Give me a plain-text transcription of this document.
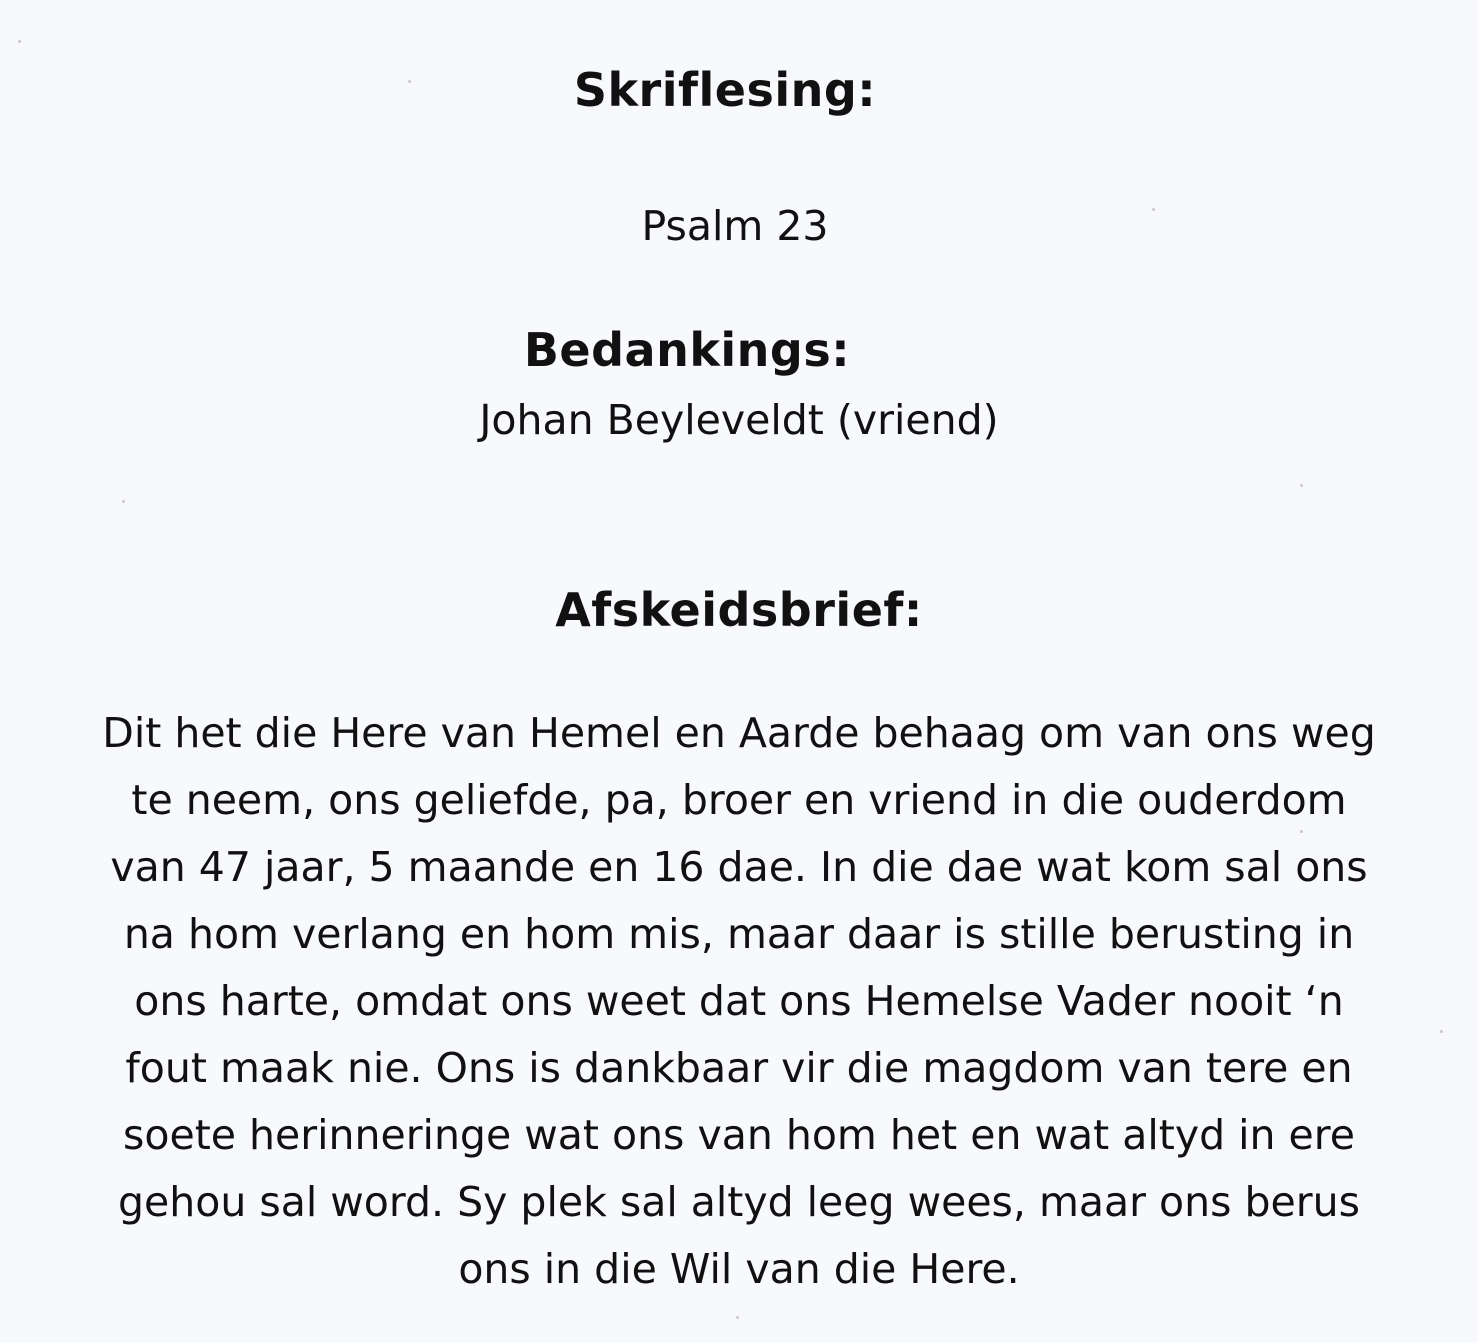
Skriflesing:

Psalm 23

Bedankings:

Johan Beyleveldt (vriend)

Afskeidsbrief:
Dit het die Here van Hemel en Aarde behaag om van ons weg
te neem, ons geliefde, pa, broer en vriend in die ouderdom
van 47 jaar, 5 maande en 16 dae. In die dae wat kom sal ons
na hom verlang en hom mis, maar daar is stille berusting in
ons harte, omdat ons weet dat ons Hemelse Vader nooit ‘n
fout maak nie. Ons is dankbaar vir die magdom van tere en
soete herinneringe wat ons van hom het en wat altyd in ere
gehou sal word. Sy plek sal altyd leeg wees, maar ons berus
ons in die Wil van die Here.
